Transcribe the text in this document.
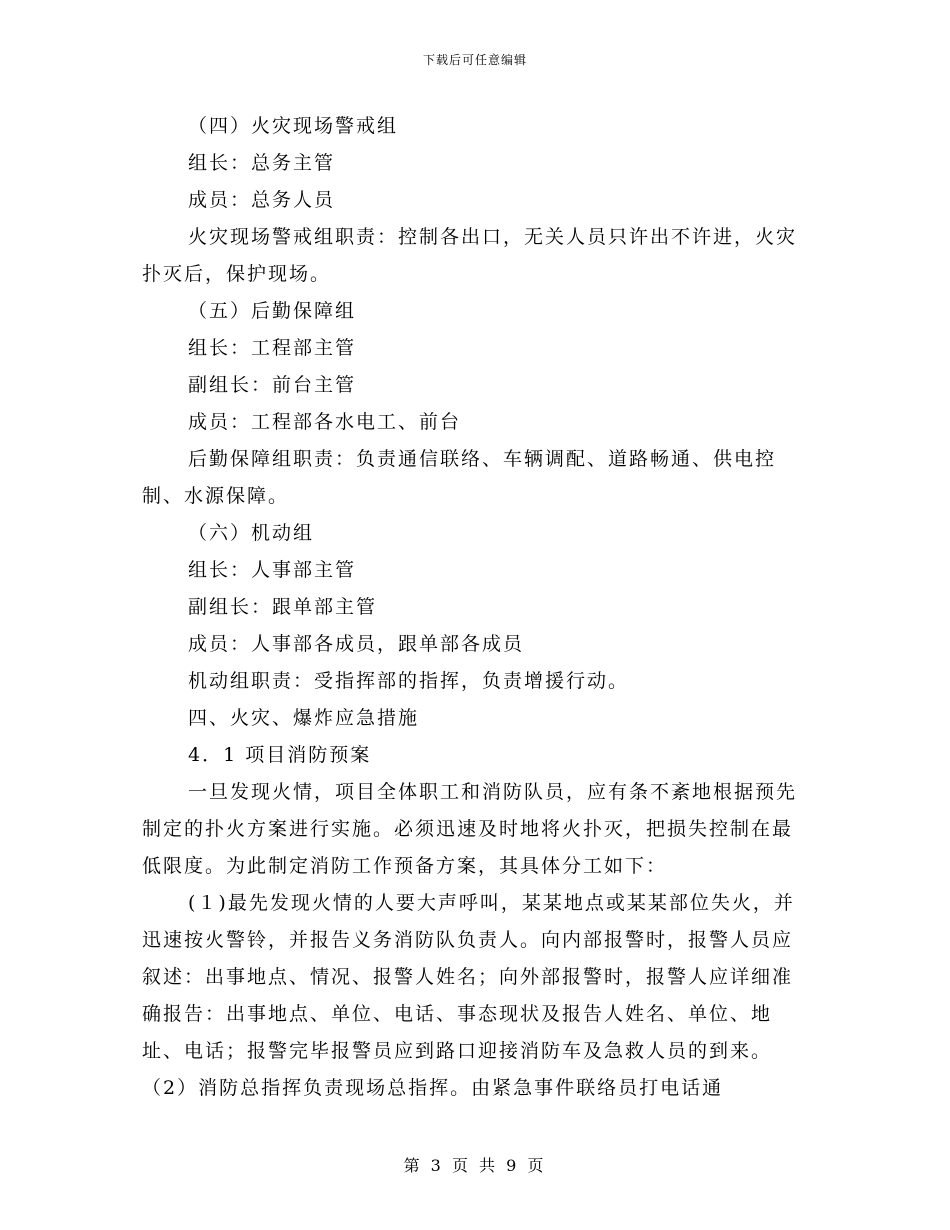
下载后可任意编辑

（四）火灾现场警戒组

组长：总务主管

成员：总务人员

火灾现场警戒组职责：控制各出口，无关人员只许出不许进，火灾扑灭后，保护现场。

（五）后勤保障组

组长：工程部主管

副组长：前台主管

成员：工程部各水电工、前台

后勤保障组职责：负责通信联络、车辆调配、道路畅通、供电控制、水源保障。

（六）机动组

组长：人事部主管

副组长：跟单部主管

成员：人事部各成员，跟单部各成员

机动组职责：受指挥部的指挥，负责增援行动。

四、火灾、爆炸应急措施

4．1 项目消防预案

一旦发现火情，项目全体职工和消防队员，应有条不紊地根据预先制定的扑火方案进行实施。必须迅速及时地将火扑灭，把损失控制在最低限度。为此制定消防工作预备方案，其具体分工如下：

(１)最先发现火情的人要大声呼叫，某某地点或某某部位失火，并迅速按火警铃，并报告义务消防队负责人。向内部报警时，报警人员应叙述：出事地点、情况、报警人姓名；向外部报警时，报警人应详细准确报告：出事地点、单位、电话、事态现状及报告人姓名、单位、地址、电话；报警完毕报警员应到路口迎接消防车及急救人员的到来。（2）消防总指挥负责现场总指挥。由紧急事件联络员打电话通

第 3 页 共 9 页
